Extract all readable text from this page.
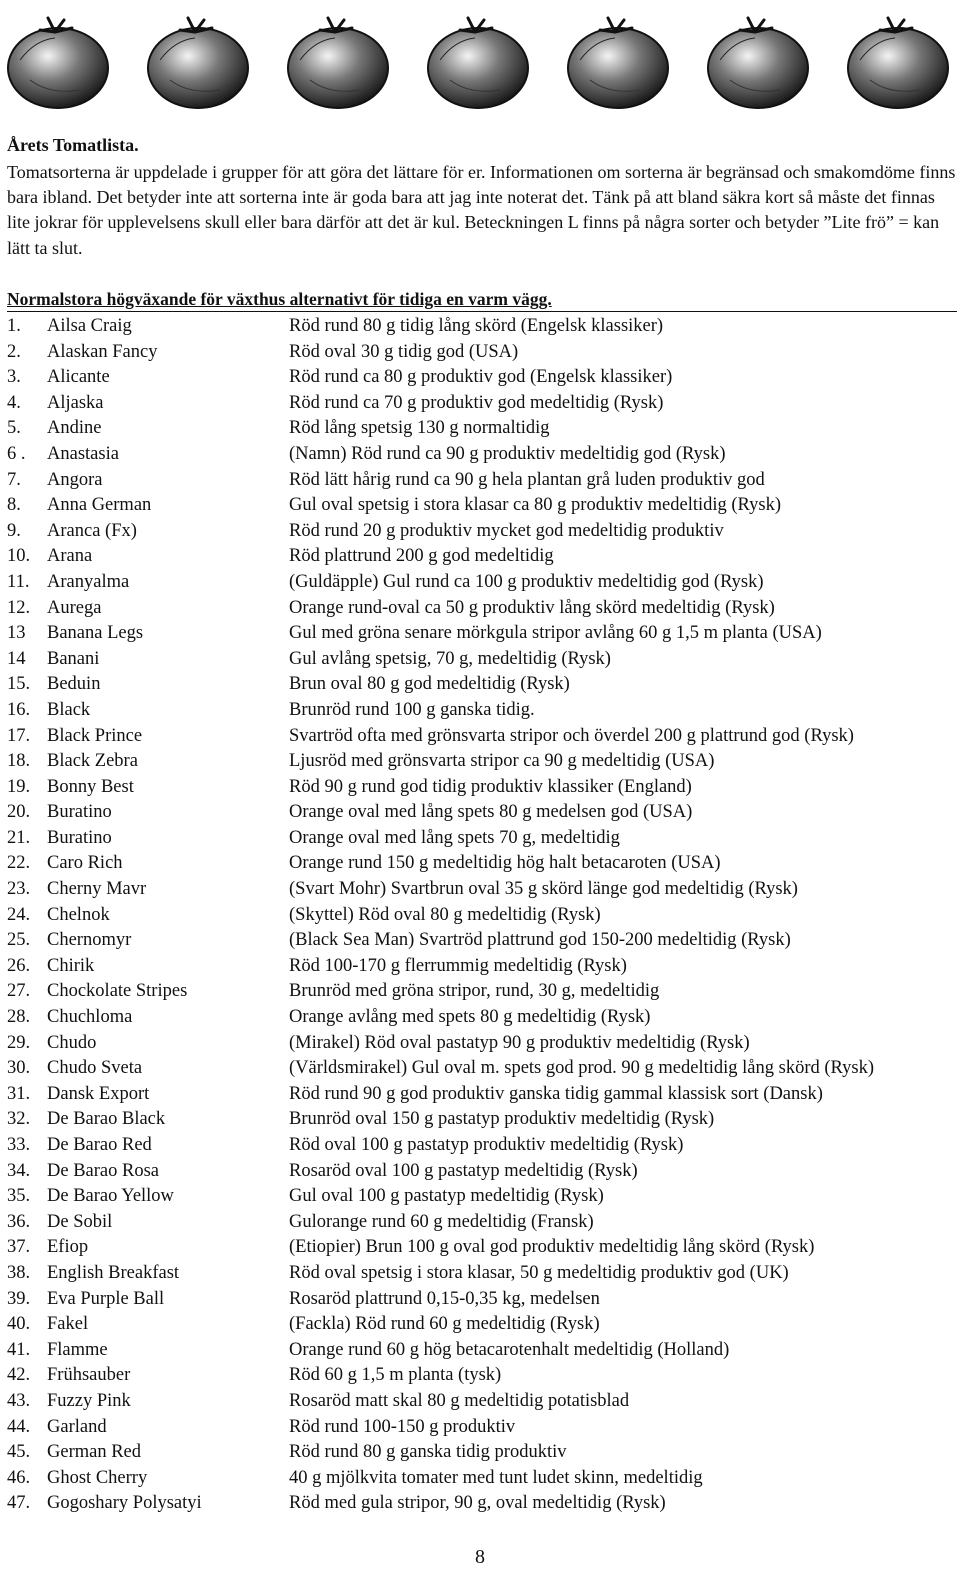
Årets Tomatlista.

Tomatsorterna är uppdelade i grupper för att göra det lättare för er. Informationen om sorterna är begränsad och smakomdöme finns bara ibland. Det betyder inte att sorterna inte är goda bara att jag inte noterat det. Tänk på att bland säkra kort så måste det finnas lite jokrar för upplevelsens skull eller bara därför att det är kul. Beteckningen L finns på några sorter och betyder ”Lite frö” = kan lätt ta slut.

Normalstora högväxande för växthus alternativt för tidiga en varm vägg.
1.	Ailsa Craig	Röd rund 80 g tidig lång skörd (Engelsk klassiker)
2.	Alaskan Fancy	Röd oval 30 g tidig god (USA)
3.	Alicante	Röd rund ca 80 g produktiv god (Engelsk klassiker)
4.	Aljaska	Röd rund ca 70 g produktiv god medeltidig (Rysk)
5.	Andine	Röd lång spetsig 130 g normaltidig
6 .	Anastasia	(Namn) Röd rund ca 90 g produktiv medeltidig god (Rysk)
7.	Angora	Röd lätt hårig rund ca 90 g hela plantan grå luden produktiv god
8.	Anna German	Gul oval spetsig i stora klasar ca 80 g produktiv medeltidig (Rysk)
9.	Aranca (Fx)	Röd rund 20 g produktiv mycket god medeltidig produktiv
10. Arana	Röd plattrund 200 g god medeltidig
11. Aranyalma	(Guldäpple) Gul rund ca 100 g produktiv medeltidig god (Rysk)
12. Aurega	Orange rund-oval ca 50 g produktiv lång skörd medeltidig (Rysk)
13	Banana Legs	Gul med gröna senare mörkgula stripor avlång 60 g 1,5 m planta (USA)
14	Banani	Gul avlång spetsig, 70 g, medeltidig (Rysk)
15. Beduin	Brun oval 80 g god medeltidig (Rysk)
16. Black	Brunröd rund 100 g ganska tidig.
17. Black Prince	Svartröd ofta med grönsvarta stripor och överdel 200 g plattrund god (Rysk)
18. Black Zebra	Ljusröd med grönsvarta stripor ca 90 g medeltidig (USA)
19. Bonny Best	Röd 90 g rund god tidig produktiv klassiker (England)
20. Buratino	Orange oval med lång spets 80 g medelsen god (USA)
21. Buratino	Orange oval med lång spets 70 g, medeltidig
22. Caro Rich	Orange rund 150 g medeltidig hög halt betacaroten (USA)
23. Cherny Mavr	(Svart Mohr) Svartbrun oval 35 g skörd länge god medeltidig (Rysk)
24. Chelnok	(Skyttel) Röd oval 80 g medeltidig (Rysk)
25. Chernomyr	(Black Sea Man) Svartröd plattrund god 150-200 medeltidig (Rysk)
26. Chirik	Röd 100-170 g flerrummig medeltidig (Rysk)
27. Chockolate Stripes	Brunröd med gröna stripor, rund, 30 g, medeltidig
28. Chuchloma	Orange avlång med spets 80 g medeltidig (Rysk)
29. Chudo	(Mirakel) Röd oval pastatyp 90 g produktiv medeltidig (Rysk)
30. Chudo Sveta	(Världsmirakel) Gul oval m. spets god prod. 90 g medeltidig lång skörd (Rysk)
31. Dansk Export	Röd rund 90 g god produktiv ganska tidig gammal klassisk sort (Dansk)
32. De Barao Black	Brunröd oval 150 g pastatyp produktiv medeltidig (Rysk)
33. De Barao Red	Röd oval 100 g pastatyp produktiv medeltidig (Rysk)
34. De Barao Rosa	Rosaröd oval 100 g pastatyp medeltidig (Rysk)
35. De Barao Yellow	Gul oval 100 g pastatyp medeltidig (Rysk)
36. De Sobil	Gulorange rund 60 g medeltidig (Fransk)
37. Efiop	(Etiopier) Brun 100 g oval god produktiv medeltidig lång skörd (Rysk)
38. English Breakfast	Röd oval spetsig i stora klasar, 50 g medeltidig produktiv god (UK)
39. Eva Purple Ball	Rosaröd plattrund 0,15-0,35 kg, medelsen
40. Fakel	(Fackla) Röd rund 60 g medeltidig (Rysk)
41. Flamme	Orange rund 60 g hög betacarotenhalt medeltidig (Holland)
42. Frühsauber	Röd 60 g 1,5 m planta (tysk)
43. Fuzzy Pink	Rosaröd matt skal 80 g medeltidig potatisblad
44. Garland	Röd rund 100-150 g produktiv
45. German Red	Röd rund 80 g ganska tidig produktiv
46. Ghost Cherry	40 g mjölkvita tomater med tunt ludet skinn, medeltidig
47. Gogoshary Polysatyi	Röd med gula stripor, 90 g, oval medeltidig (Rysk)
8
